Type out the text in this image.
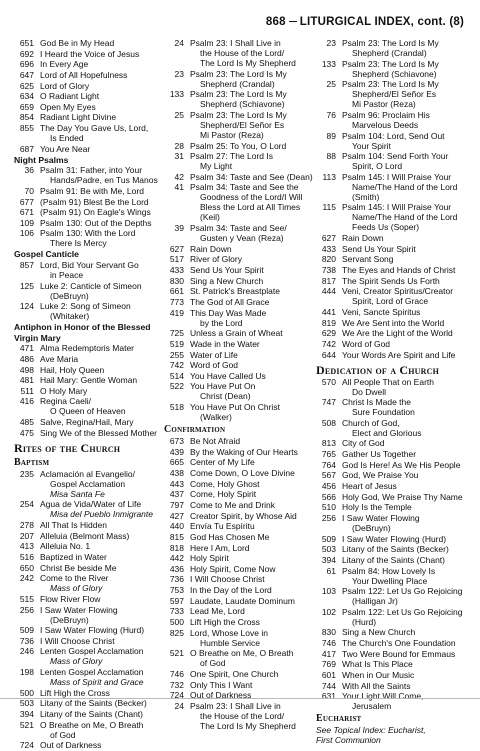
868 LITURGICAL INDEX, cont. (8)
651 God Be in My Head
692 I Heard the Voice of Jesus
696 In Every Age
647 Lord of All Hopefulness
625 Lord of Glory
634 O Radiant Light
659 Open My Eyes
854 Radiant Light Divine
855 The Day You Gave Us, Lord,
Is Ended
687 You Are Near
Night Psalms
36 Psalm 31: Father, into Your
Hands/Padre, en Tus Manos
70 Psalm 91: Be with Me, Lord
677 (Psalm 91) Blest Be the Lord
671 (Psalm 91) On Eagle's Wings
109 Psalm 130: Out of the Depths
106 Psalm 130: With the Lord
There Is Mercy
Gospel Canticle
857 Lord, Bid Your Servant Go
in Peace
125 Luke 2: Canticle of Simeon
(DeBruyn)
124 Luke 2: Song of Simeon
(Whitaker)
Antiphon in Honor of the Blessed Virgin Mary
471 Alma Redemptoris Mater
486 Ave Maria
498 Hail, Holy Queen
481 Hail Mary: Gentle Woman
511 O Holy Mary
416 Regina Caeli/
O Queen of Heaven
485 Salve, Regina/Hail, Mary
475 Sing We of the Blessed Mother
Rites of the Church
Baptism
235 Aclamación al Evangelio/
Gospel Acclamation
Misa Santa Fe
254 Agua de Vida/Water of Life
Misa del Pueblo Inmigrante
278 All That Is Hidden
207 Alleluia (Belmont Mass)
413 Alleluia No. 1
516 Baptized in Water
650 Christ Be beside Me
242 Come to the River
Mass of Glory
515 Flow River Flow
256 I Saw Water Flowing
(DeBruyn)
509 I Saw Water Flowing (Hurd)
736 I Will Choose Christ
246 Lenten Gospel Acclamation
Mass of Glory
198 Lenten Gospel Acclamation
Mass of Spirit and Grace
500 Lift High the Cross
503 Litany of the Saints (Becker)
394 Litany of the Saints (Chant)
521 O Breathe on Me, O Breath
of God
724 Out of Darkness
24 Psalm 23: I Shall Live in
the House of the Lord/
The Lord Is My Shepherd
23 Psalm 23: The Lord Is My
Shepherd (Crandal)
133 Psalm 23: The Lord Is My
Shepherd (Schiavone)
25 Psalm 23: The Lord Is My
Shepherd/El Señor Es
Mi Pastor (Reza)
28 Psalm 25: To You, O Lord
31 Psalm 27: The Lord Is
My Light
42 Psalm 34: Taste and See (Dean)
41 Psalm 34: Taste and See the
Goodness of the Lord/I Will
Bless the Lord at All Times
(Keil)
39 Psalm 34: Taste and See/
Gusten y Vean (Reza)
627 Rain Down
517 River of Glory
433 Send Us Your Spirit
830 Sing a New Church
661 St. Patrick's Breastplate
773 The God of All Grace
419 This Day Was Made
by the Lord
725 Unless a Grain of Wheat
519 Wade in the Water
255 Water of Life
742 Word of God
514 You Have Called Us
522 You Have Put On
Christ (Dean)
518 You Have Put On Christ
(Walker)
Confirmation
673 Be Not Afraid
439 By the Waking of Our Hearts
665 Center of My Life
438 Come Down, O Love Divine
443 Come, Holy Ghost
437 Come, Holy Spirit
797 Come to Me and Drink
427 Creator Spirit, by Whose Aid
440 Envía Tu Espíritu
815 God Has Chosen Me
818 Here I Am, Lord
442 Holy Spirit
436 Holy Spirit, Come Now
736 I Will Choose Christ
753 In the Day of the Lord
597 Laudate, Laudate Dominum
733 Lead Me, Lord
500 Lift High the Cross
825 Lord, Whose Love in
Humble Service
521 O Breathe on Me, O Breath
of God
746 One Spirit, One Church
732 Only This I Want
724 Out of Darkness
24 Psalm 23: I Shall Live in
the House of the Lord/
The Lord Is My Shepherd
23 Psalm 23: The Lord Is My
Shepherd (Crandal)
133 Psalm 23: The Lord Is My
Shepherd (Schiavone)
25 Psalm 23: The Lord Is My
Shepherd/El Señor Es
Mi Pastor (Reza)
76 Psalm 96: Proclaim His
Marvelous Deeds
89 Psalm 104: Lord, Send Out
Your Spirit
88 Psalm 104: Send Forth Your
Spirit, O Lord
113 Psalm 145: I Will Praise Your
Name/The Hand of the Lord
(Smith)
115 Psalm 145: I Will Praise Your
Name/The Hand of the Lord
Feeds Us (Soper)
627 Rain Down
433 Send Us Your Spirit
820 Servant Song
738 The Eyes and Hands of Christ
817 The Spirit Sends Us Forth
444 Veni, Creator Spiritus/Creator
Spirit, Lord of Grace
441 Veni, Sancte Spiritus
819 We Are Sent into the World
629 We Are the Light of the World
742 Word of God
644 Your Words Are Spirit and Life
Dedication of a Church
570 All People That on Earth
Do Dwell
747 Christ Is Made the
Sure Foundation
508 Church of God,
Elect and Glorious
813 City of God
765 Gather Us Together
764 God Is Here! As We His People
567 God, We Praise You
456 Heart of Jesus
566 Holy God, We Praise Thy Name
510 Holy Is the Temple
256 I Saw Water Flowing
(DeBruyn)
509 I Saw Water Flowing (Hurd)
503 Litany of the Saints (Becker)
394 Litany of the Saints (Chant)
61 Psalm 84: How Lovely Is
Your Dwelling Place
103 Psalm 122: Let Us Go Rejoicing
(Halligan Jr)
102 Psalm 122: Let Us Go Rejoicing
(Hurd)
830 Sing a New Church
746 The Church's One Foundation
417 Two Were Bound for Emmaus
769 What Is This Place
601 When in Our Music
744 With All the Saints
631 Your Light Will Come,
Jerusalem
Eucharist
See Topical Index: Eucharist,
First Communion
